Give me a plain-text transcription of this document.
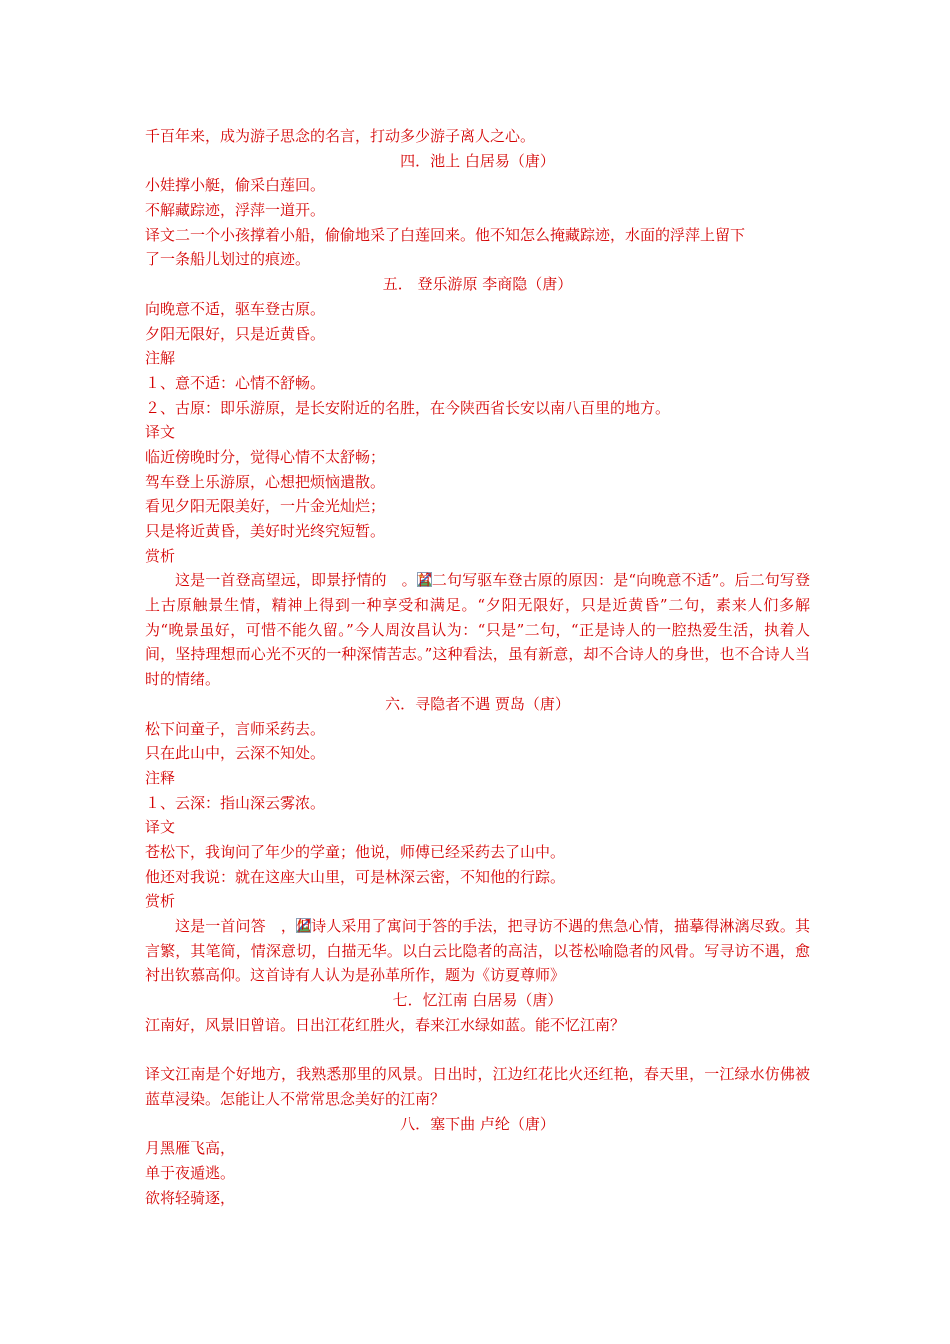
千百年来，成为游子思念的名言，打动多少游子离人之心。
四．池上 白居易（唐）
小娃撑小艇，偷采白莲回。
不解藏踪迹，浮萍一道开。
译文二一个小孩撑着小船，偷偷地采了白莲回来。他不知怎么掩藏踪迹，水面的浮萍上留下
了一条船儿划过的痕迹。
五． 登乐游原 李商隐（唐）
向晚意不适，驱车登古原。
夕阳无限好，只是近黄昏。
注解
１、意不适：心情不舒畅。
２、古原：即乐游原，是长安附近的名胜，在今陕西省长安以南八百里的地方。
译文
临近傍晚时分，觉得心情不太舒畅；
驾车登上乐游原，心想把烦恼遣散。
看见夕阳无限美好，一片金光灿烂；
只是将近黄昏，美好时光终究短暂。
赏析
这是一首登高望远，即景抒情的 。首二句写驱车登古原的原因：是“向晚意不适”。后二句写登上古原触景生情，精神上得到一种享受和满足。“夕阳无限好，只是近黄昏”二句，素来人们多解为“晚景虽好，可惜不能久留。”今人周汝昌认为：“只是”二句，“正是诗人的一腔热爱生活，执着人间，坚持理想而心光不灭的一种深情苦志。”这种看法，虽有新意，却不合诗人的身世，也不合诗人当时的情绪。
六．寻隐者不遇 贾岛（唐）
松下问童子，言师采药去。
只在此山中，云深不知处。
注释
１、云深：指山深云雾浓。
译文
苍松下，我询问了年少的学童；他说，师傅已经采药去了山中。
他还对我说：就在这座大山里，可是林深云密，不知他的行踪。
赏析
这是一首问答 ，但诗人采用了寓问于答的手法，把寻访不遇的焦急心情，描摹得淋漓尽致。其言繁，其笔简，情深意切，白描无华。以白云比隐者的高洁，以苍松喻隐者的风骨。写寻访不遇，愈衬出钦慕高仰。这首诗有人认为是孙革所作，题为《访夏尊师》
七．忆江南 白居易（唐）
江南好，风景旧曾谙。日出江花红胜火，春来江水绿如蓝。能不忆江南？
译文江南是个好地方，我熟悉那里的风景。日出时，江边红花比火还红艳，春天里，一江绿水仿佛被蓝草浸染。怎能让人不常常思念美好的江南？
八．塞下曲 卢纶（唐）
月黑雁飞高，
单于夜遁逃。
欲将轻骑逐，
